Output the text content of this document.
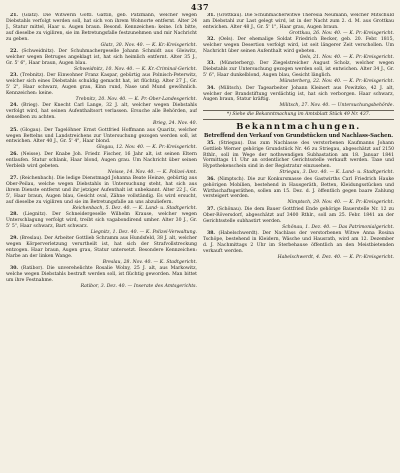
437

21. (Glatz). Die Witwerin Gottl. Gattin, geb. Patzmann, welcher wegen Diebstahls verfolgt werden soll, hat sich von ihrem Wohnorte entfernt. Alter 24 J., Statur mittel, Haar u. Augen braun. Besond. Kennzeichen: keine. Ich bitte, auf dieselbe zu vigiliren, sie im Betretungsfalle festzunehmen und mir Nachricht zu geben.
Glatz, 30. Nov. 40. — K. Kr.-Kreisgericht.

22. (Schweidnitz). Der Schuhmachergeselle Johann Schmidt aus Gleiwitz, welcher wegen Betruges angeklagt ist, hat sich heimlich entfernt. Alter 35 J., Gr. 5' 6", Haar braun, Augen blau.
Schweidnitz, 10. Nov. 40. — K. Kr.-Criminal-Gericht.

23. (Trebnitz). Der Einwohner Franz Kaspar, gebürtig aus Polnisch-Peterwitz, welcher sich eines Diebstahls schuldig gemacht hat, ist flüchtig. Alter 27 J., Gr. 5' 2", Haar schwarz, Augen grau, Kinn rund, Nase und Mund gewöhnlich. Kennzeichen: keine.
Trebnitz, 20. Nov. 40. — K. Pr.-Ober-Landesgericht.

24. (Brieg). Der Knecht Carl Lange, 32 J. alt, welcher wegen Diebstahls verfolgt wird, hat seinen Aufenthaltsort verlassen. Ersuche alle Behörden, auf denselben zu achten.
Brieg, 24. Nov. 40.

25. (Glogau). Der Tagelöhner Ernst Gottfried Hoffmann aus Quaritz, welcher wegen Bettelns und Landstreichens zur Untersuchung gezogen werden soll, ist entwichen. Alter 40 J., Gr. 5' 4", Haar blond.
Glogau, 12. Nov. 40. — K. Pr.-Kreisgericht.

26. (Neisse). Der Knabe Joh. Friedr. Fischer, 16 Jahr alt, ist seinen Eltern entlaufen. Statur schlank, Haar blond, Augen grau. Um Nachricht über seinen Verbleib wird gebeten.
Neisse, 14. Nov. 40. — K. Polizei-Amt.

27. (Reichenbach). Die ledige Dienstmagd Johanna Beate Heinze, gebürtig aus Ober-Peilau, welche wegen Diebstahls in Untersuchung steht, hat sich aus ihrem Dienste entfernt und ihr jetziger Aufenthalt ist unbekannt. Alter 22 J., Gr. 5', Haar braun, Augen blau, Gesicht oval, Zähne vollständig. Es wird ersucht, auf dieselbe zu vigiliren und sie im Betretungsfalle an uns abzuliefern.
Reichenbach, 5. Dez. 40. — K. Land- u. Stadtgericht.

28. (Liegnitz). Der Schneidergeselle Wilhelm Krause, welcher wegen Unterschlagung verfolgt wird, treibt sich vagabondirend umher. Alter 30 J., Gr. 5' 5", Haar schwarz, Bart schwarz.
Liegnitz, 1. Dez. 40. — K. Polizei-Verwaltung.

29. (Breslau). Der Arbeiter Gottlieb Schramm aus Hundsfeld, 38 J. alt, welcher wegen Körperverletzung verurtheilt ist, hat sich der Strafvollstreckung entzogen. Haar braun, Augen grau, Statur untersetzt. Besondere Kennzeichen: Narbe an der linken Wange.
Breslau, 28. Nov. 40. — K. Stadtgericht.

30. (Ratibor). Die unverehelichte Rosalie Wolny, 25 J. alt, aus Markowitz, welche wegen Diebstahls bestraft werden soll, ist flüchtig geworden. Man bittet um ihre Festnahme.
Ratibor, 3. Dez. 40. — Inserate des Amtsgerichts.

31. (Grottkau). Die Schuhmacherwitwe Theresia Neumann, welcher Mitschuld am Diebstahl zur Last gelegt wird, ist in der Nacht zum 2. d. M. aus Grottkau entwichen. Alter 48 J., Gr. 5' 1", Haar grau, Augen braun.
Grottkau, 26. Nov. 40. — K. Pr.-Kreisgericht.

32. (Oels). Der ehemalige Soldat Friedrich Becker, geb. 20. Febr. 1815, welcher wegen Desertion verfolgt wird, ist seit längerer Zeit verschollen. Um Nachricht über seinen Aufenthalt wird gebeten.
Oels, 21. Nov. 40. — K. Pr.-Kreisgericht.

33. (Münsterberg). Der Ziegelstreicher August Scholz, welcher wegen Diebstahls zur Untersuchung gezogen werden soll, ist entwichen. Alter 34 J., Gr. 5' 6", Haar dunkelblond, Augen blau, Gesicht länglich.
Münsterberg, 22. Nov. 40. — K. Pr.-Kreisgericht.

34. (Militsch). Der Tagearbeiter Johann Kleinert aus Powitzko, 42 J. alt, welcher der Brandstiftung verdächtig ist, hat sich verborgen. Haar schwarz, Augen braun, Statur kräftig.
Militsch, 27. Nov. 40. — Untersuchungsbehörde.

*) Siehe die Bekanntmachung im Amtsblatt Stück 49 Nr. 437.
Bekanntmachungen.
Betreffend den Verkauf von Grundstücken und Nachlass-Sachen.

35. (Striegau). Das zum Nachlasse des verstorbenen Kaufmanns Johann Gottlieb Werner gehörige Grundstück Nr. 46 zu Striegau, abgeschätzt auf 2150 Rthlr., soll im Wege der nothwendigen Subhastation am 18. Januar 1841 Vormittags 11 Uhr an ordentlicher Gerichtsstelle verkauft werden. Taxe und Hypothekenschein sind in der Registratur einzusehen.
Striegau, 3. Dez. 40. — K. Land- u. Stadtgericht.

36. (Nimptsch). Die zur Konkursmasse des Gastwirths Carl Friedrich Hauke gehörigen Mobilien, bestehend in Hausgeräth, Betten, Kleidungsstücken und Wirthschaftsgeräthen, sollen am 15. Dez. d. J. öffentlich gegen baare Zahlung versteigert werden.
Nimptsch, 29. Nov. 40. — K. Pr.-Kreisgericht.

37. (Schönau). Die dem Bauer Gottfried Ende gehörige Bauerstelle Nr. 12 zu Ober-Röversdorf, abgeschätzt auf 3400 Rthlr., soll am 25. Febr. 1841 an der Gerichtsstelle subhastirt werden.
Schönau, 1. Dez. 40. — Das Patrimonialgericht.

38. (Habelschwerdt). Der Nachlass der verstorbenen Witwe Anna Rosina Tschöpe, bestehend in Kleidern, Wäsche und Hausrath, wird am 12. Dezember d. J. Nachmittags 2 Uhr im Sterbehause öffentlich an den Meistbietenden verkauft werden.
Habelschwerdt, 4. Dez. 40. — K. Pr.-Kreisgericht.
